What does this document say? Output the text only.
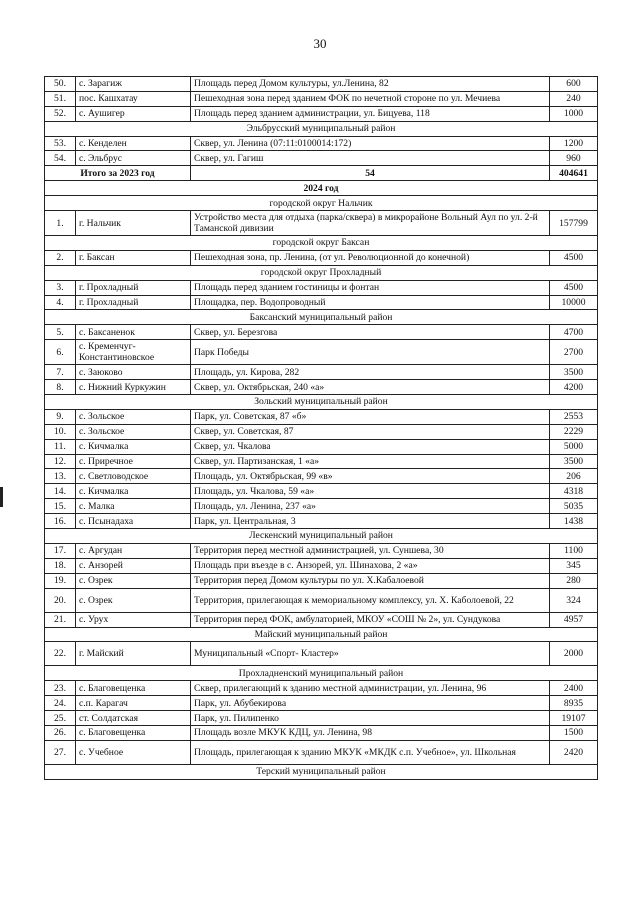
30
50.	с. Зарагиж	Площадь перед Домом культуры, ул.Ленина, 82	600
51.	пос. Кашхатау	Пешеходная зона перед зданием ФОК по нечетной стороне по ул. Мечиева	240
52.	с. Аушигер	Площадь перед зданием администрации, ул. Бицуева, 118	1000
Эльбрусский муниципальный район			
53.	с. Кенделен	Сквер, ул. Ленина (07:11:0100014:172)	1200
54.	с. Эльбрус	Сквер, ул. Гагиш	960
Итого за 2023 год		54	404641
2024 год			
городской округ Нальчик			
1.	г. Нальчик	Устройство места для отдыха (парка/сквера) в микрорайоне Вольный Аул по ул. 2-й Таманской дивизии	157799
городской округ Баксан			
2.	г. Баксан	Пешеходная зона, пр. Ленина, (от ул. Революционной до конечной)	4500
городской округ Прохладный			
3.	г. Прохладный	Площадь перед зданием гостиницы и фонтан	4500
4.	г. Прохладный	Площадка, пер. Водопроводный	10000
Баксанский муниципальный район			
5.	с. Баксаненок	Сквер, ул. Березгова	4700
6.	с. Кременчуг-Константиновское	Парк Победы	2700
7.	с. Заюково	Площадь, ул. Кирова, 282	3500
8.	с. Нижний Куркужин	Сквер, ул. Октябрьская, 240 «а»	4200
Зольский муниципальный район			
9.	с. Зольское	Парк, ул. Советская, 87 «б»	2553
10.	с. Зольское	Сквер, ул. Советская, 87	2229
11.	с. Кичмалка	Сквер, ул. Чкалова	5000
12.	с. Приречное	Сквер, ул. Партизанская, 1 «а»	3500
13.	с. Светловодское	Площадь, ул. Октябрьская, 99 «в»	206
14.	с. Кичмалка	Площадь, ул. Чкалова, 59 «а»	4318
15.	с. Малка	Площадь, ул. Ленина, 237 «а»	5035
16.	с. Псынадаха	Парк, ул. Центральная, 3	1438
Лескенский муниципальный район			
17.	с. Аргудан	Территория перед местной администрацией, ул. Суншева, 30	1100
18.	с. Анзорей	Площадь при въезде в с. Анзорей, ул. Шинахова, 2 «а»	345
19.	с. Озрек	Территория перед Домом культуры по ул. Х.Кабалоевой	280
20.	с. Озрек	Территория, прилегающая к мемориальному комплексу, ул. Х. Каболоевой, 22	324
21.	с. Урух	Территория перед ФОК, амбулаторией, МКОУ «СОШ № 2», ул. Сундукова	4957
Майский муниципальный район			
22.	г. Майский	Муниципальный «Спорт- Кластер»	2000
Прохладненский муниципальный район			
23.	с. Благовещенка	Сквер, прилегающий к зданию местной администрации, ул. Ленина, 96	2400
24.	с.п. Карагач	Парк, ул. Абубекирова	8935
25.	ст. Солдатская	Парк, ул. Пилипенко	19107
26.	с. Благовещенка	Площадь возле МКУК КДЦ, ул. Ленина, 98	1500
27.	с. Учебное	Площадь, прилегающая к зданию МКУК «МКДК с.п. Учебное», ул. Школьная	2420
Терский муниципальный район			
